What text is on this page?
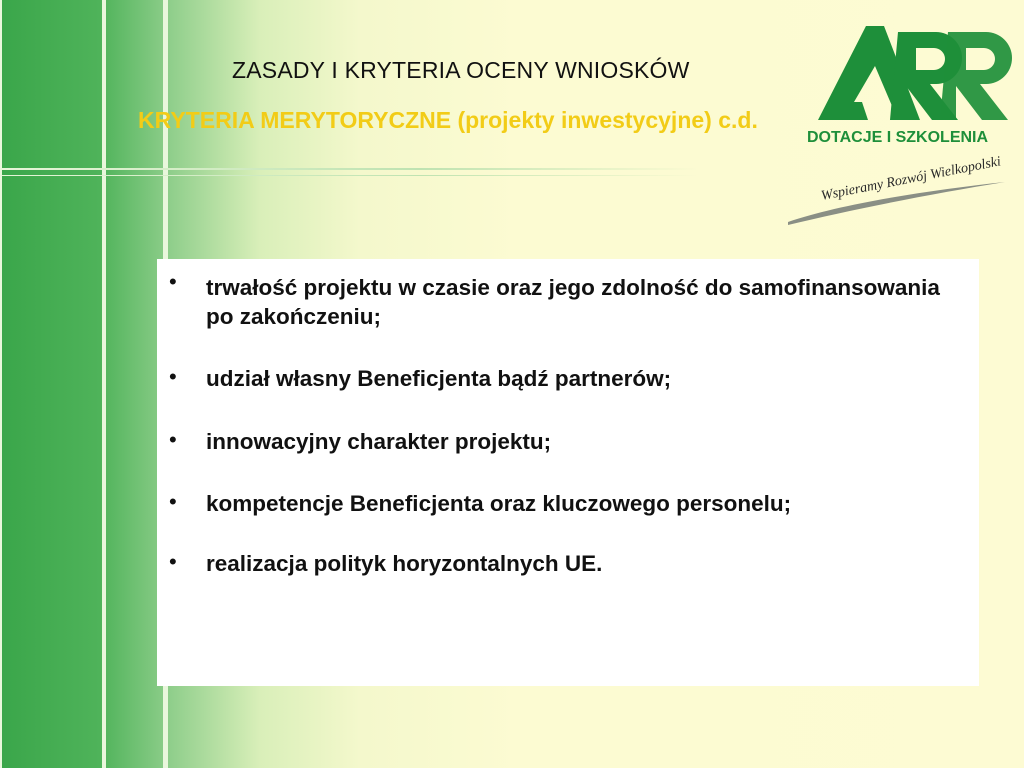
ZASADY I KRYTERIA OCENY WNIOSKÓW
KRYTERIA MERYTORYCZNE (projekty inwestycyjne) c.d.
DOTACJE I SZKOLENIA
Wspieramy Rozwój Wielkopolski
• trwałość projektu w czasie oraz jego zdolność do samofinansowania po zakończeniu;
• udział własny Beneficjenta bądź partnerów;
• innowacyjny charakter projektu;
• kompetencje Beneficjenta oraz kluczowego personelu;
• realizacja polityk horyzontalnych UE.
